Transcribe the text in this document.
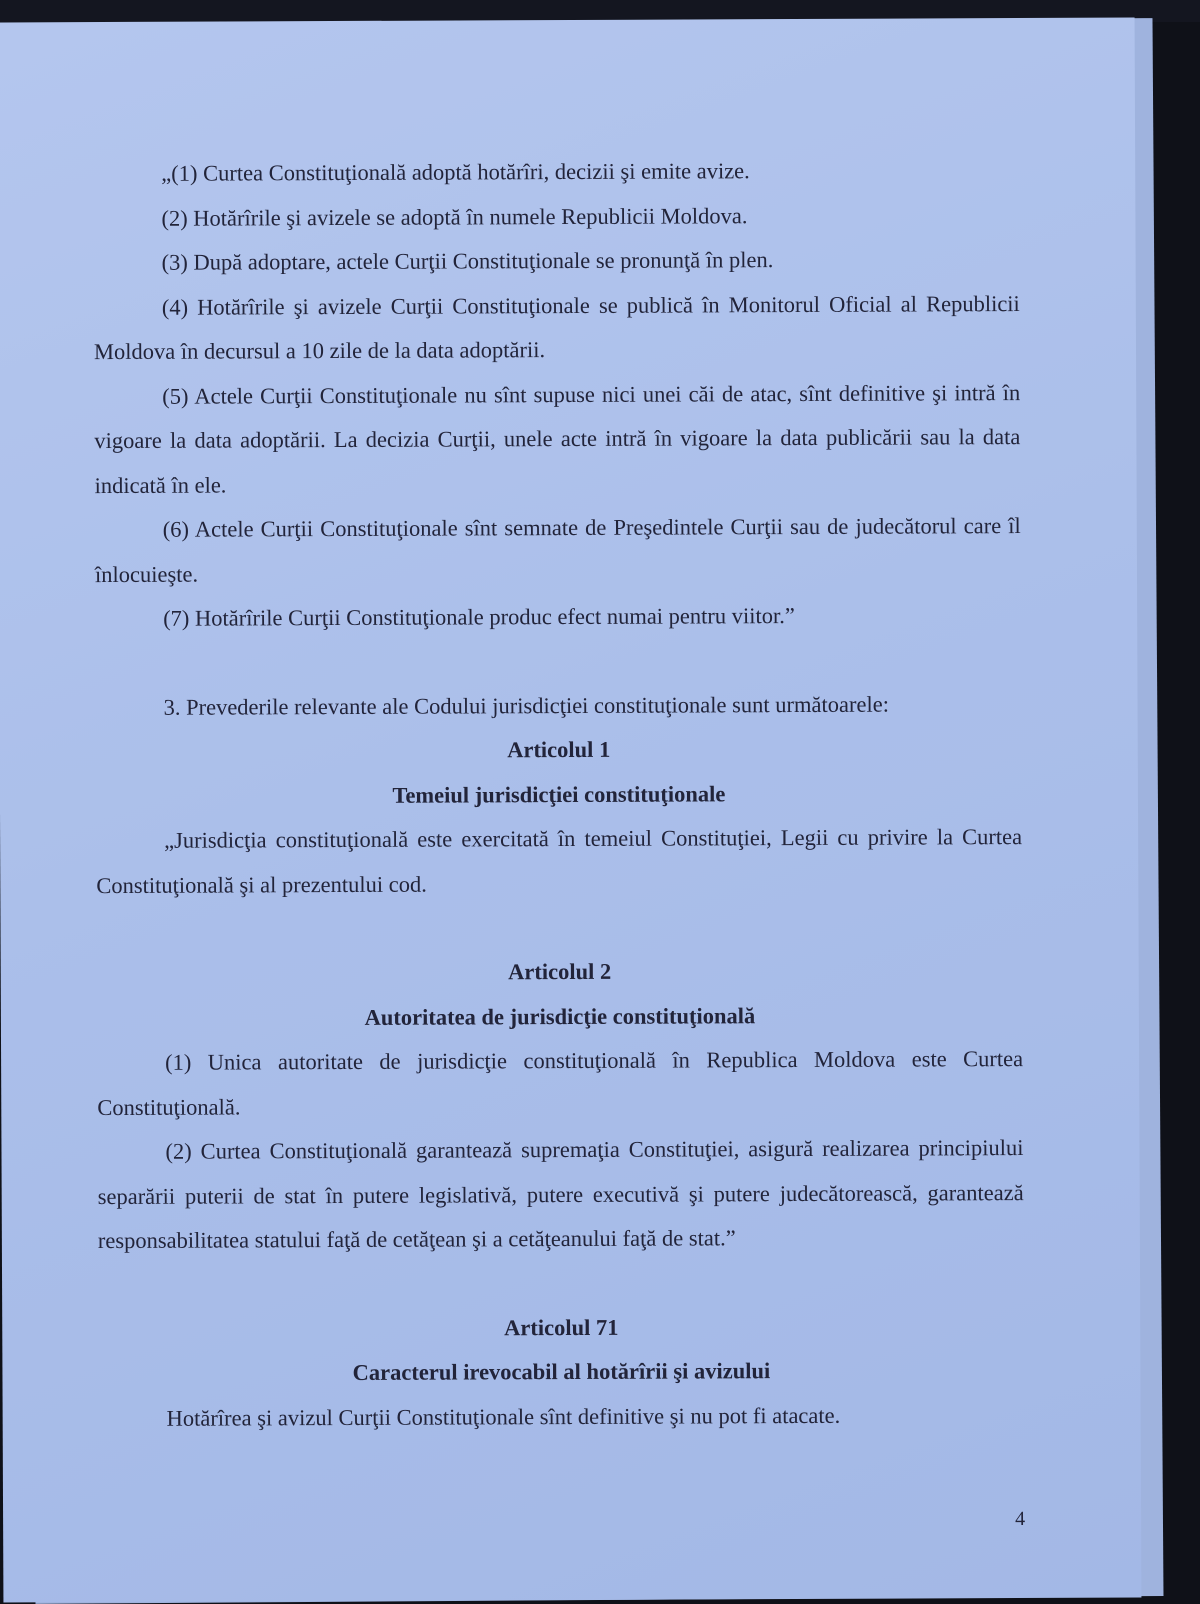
„(1) Curtea Constituţională adoptă hotărîri, decizii şi emite avize.

(2) Hotărîrile şi avizele se adoptă în numele Republicii Moldova.

(3) După adoptare, actele Curţii Constituţionale se pronunţă în plen.

(4) Hotărîrile şi avizele Curţii Constituţionale se publică în Monitorul Oficial al Republicii Moldova în decursul a 10 zile de la data adoptării.

(5) Actele Curţii Constituţionale nu sînt supuse nici unei căi de atac, sînt definitive şi intră în vigoare la data adoptării. La decizia Curţii, unele acte intră în vigoare la data publicării sau la data indicată în ele.

(6) Actele Curţii Constituţionale sînt semnate de Preşedintele Curţii sau de judecătorul care îl înlocuieşte.

(7) Hotărîrile Curţii Constituţionale produc efect numai pentru viitor.”

3. Prevederile relevante ale Codului jurisdicţiei constituţionale sunt următoarele:

Articolul 1

Temeiul jurisdicţiei constituţionale

„Jurisdicţia constituţională este exercitată în temeiul Constituţiei, Legii cu privire la Curtea Constituţională şi al prezentului cod.

Articolul 2

Autoritatea de jurisdicţie constituţională

(1) Unica autoritate de jurisdicţie constituţională în Republica Moldova este Curtea Constituţională.

(2) Curtea Constituţională garantează supremaţia Constituţiei, asigură realizarea principiului separării puterii de stat în putere legislativă, putere executivă şi putere judecătorească, garantează responsabilitatea statului faţă de cetăţean şi a cetăţeanului faţă de stat.”

Articolul 71

Caracterul irevocabil al hotărîrii şi avizului

Hotărîrea şi avizul Curţii Constituţionale sînt definitive şi nu pot fi atacate.

4
